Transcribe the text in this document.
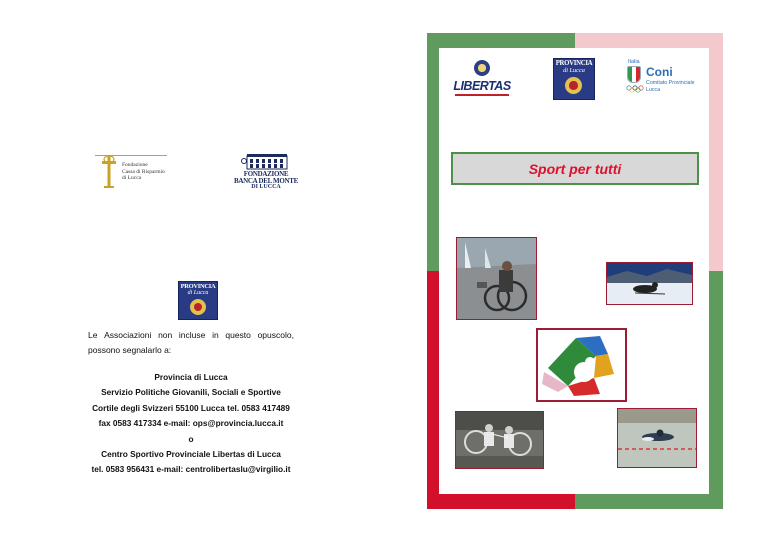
Fondazione
Cassa di Risparmio
di Lucca	FONDAZIONE
BANCA DEL MONTE
DI LUCCA
PROVINCIA
di Lucca
Le Associazioni non incluse in questo opuscolo,
possono segnalarlo a:
Provincia di Lucca
Servizio Politiche Giovanili, Sociali e Sportive
Cortile degli Svizzeri 55100 Lucca tel. 0583 417489
fax 0583 417334 e-mail: ops@provincia.lucca.it
o
Centro Sportivo Provinciale Libertas di Lucca
tel. 0583 956431 e-mail: centrolibertaslu@virgilio.it
LIBERTAS
PROVINCIA
di Lucca
Italia
Coni
Comitato Provinciale
Lucca
Sport per tutti
